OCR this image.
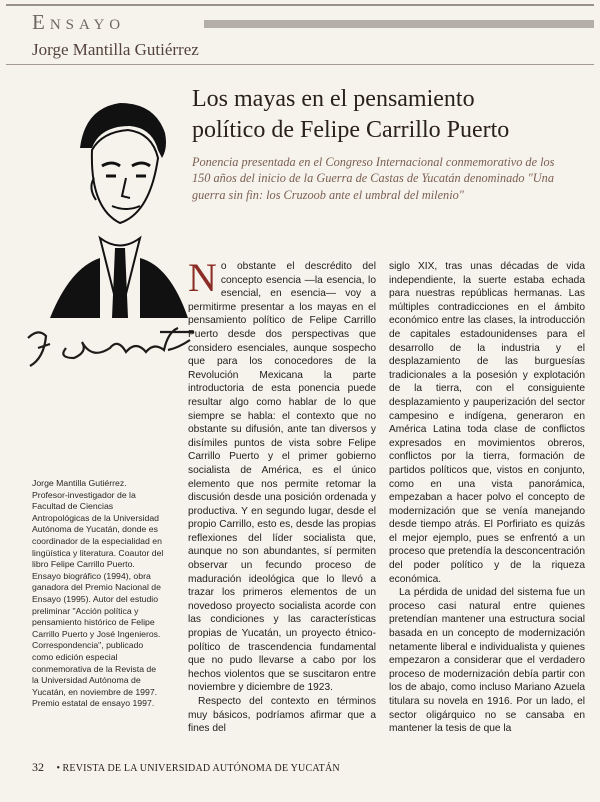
Ensayo
Jorge Mantilla Gutiérrez
Los mayas en el pensamiento
político de Felipe Carrillo Puerto
Ponencia presentada en el Congreso Internacional conmemorativo de los 150 años del inicio de la Guerra de Castas de Yucatán denominado "Una guerra sin fin: los Cruzoob ante el umbral del milenio"
Jorge Mantilla Gutiérrez. Profesor-investigador de la Facultad de Ciencias Antropológicas de la Universidad Autónoma de Yucatán, donde es coordinador de la especialidad en lingüística y literatura. Coautor del libro Felipe Carrillo Puerto. Ensayo biográfico (1994), obra ganadora del Premio Nacional de Ensayo (1995). Autor del estudio preliminar "Acción política y pensamiento histórico de Felipe Carrillo Puerto y José Ingenieros. Correspondencia", publicado como edición especial conmemorativa de la Revista de la Universidad Autónoma de Yucatán, en noviembre de 1997. Premio estatal de ensayo 1997.

No obstante el descrédito del concepto esencia —la esencia, lo esencial, en esencia— voy a permitirme presentar a los mayas en el pensamiento político de Felipe Carrillo Puerto desde dos perspectivas que considero esenciales, aunque sospecho que para los conocedores de la Revolución Mexicana la parte introductoria de esta ponencia puede resultar algo como hablar de lo que siempre se habla: el contexto que no obstante su difusión, ante tan diversos y disímiles puntos de vista sobre Felipe Carrillo Puerto y el primer gobierno socialista de América, es el único elemento que nos permite retomar la discusión desde una posición ordenada y productiva. Y en segundo lugar, desde el propio Carrillo, esto es, desde las propias reflexiones del líder socialista que, aunque no son abundantes, sí permiten observar un fecundo proceso de maduración ideológica que lo llevó a trazar los primeros elementos de un novedoso proyecto socialista acorde con las condiciones y las características propias de Yucatán, un proyecto étnico-político de trascendencia fundamental que no pudo llevarse a cabo por los hechos violentos que se suscitaron entre noviembre y diciembre de 1923.

Respecto del contexto en términos muy básicos, podríamos afirmar que a fines del

siglo XIX, tras unas décadas de vida independiente, la suerte estaba echada para nuestras repúblicas hermanas. Las múltiples contradicciones en el ámbito económico entre las clases, la introducción de capitales estadounidenses para el desarrollo de la industria y el desplazamiento de las burguesías tradicionales a la posesión y explotación de la tierra, con el consiguiente desplazamiento y pauperización del sector campesino e indígena, generaron en América Latina toda clase de conflictos expresados en movimientos obreros, conflictos por la tierra, formación de partidos políticos que, vistos en conjunto, como en una vista panorámica, empezaban a hacer polvo el concepto de modernización que se venía manejando desde tiempo atrás. El Porfiriato es quizás el mejor ejemplo, pues se enfrentó a un proceso que pretendía la desconcentración del poder político y de la riqueza económica.

La pérdida de unidad del sistema fue un proceso casi natural entre quienes pretendían mantener una estructura social basada en un concepto de modernización netamente liberal e individualista y quienes empezaron a considerar que el verdadero proceso de modernización debía partir con los de abajo, como incluso Mariano Azuela titulara su novela en 1916. Por un lado, el sector oligárquico no se cansaba en mantener la tesis de que la

32 • REVISTA DE LA UNIVERSIDAD AUTÓNOMA DE YUCATÁN
